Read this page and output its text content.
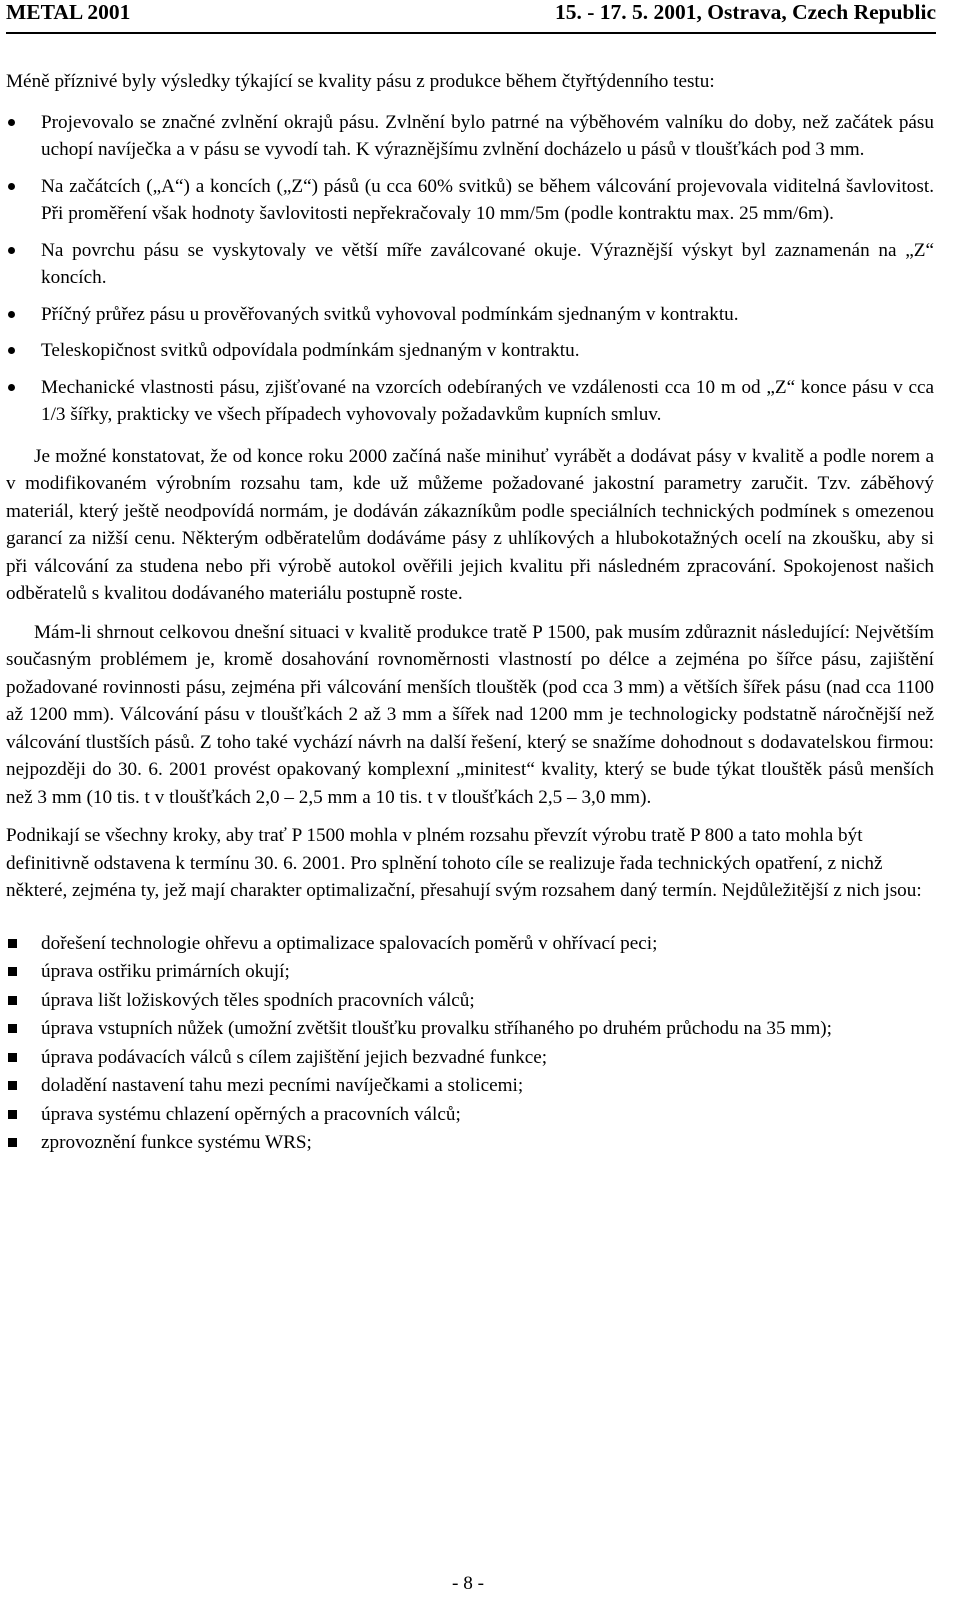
METAL 2001	15. - 17. 5. 2001, Ostrava, Czech Republic

Méně příznivé byly výsledky týkající se kvality pásu z produkce během čtyřtýdenního testu:

Projevovalo se značné zvlnění okrajů pásu. Zvlnění bylo patrné na výběhovém valníku do doby, než začátek pásu uchopí navíječka a v pásu se vyvodí tah. K výraznějšímu zvlnění docházelo u pásů v tloušťkách pod 3 mm.
Na začátcích („A“) a koncích („Z“) pásů (u cca 60% svitků) se během válcování projevovala viditelná šavlovitost. Při proměření však hodnoty šavlovitosti nepřekračovaly 10 mm/5m (podle kontraktu max. 25 mm/6m).
Na povrchu pásu se vyskytovaly ve větší míře zaválcované okuje. Výraznější výskyt byl zaznamenán na „Z“ koncích.
Příčný průřez pásu u prověřovaných svitků vyhovoval podmínkám sjednaným v kontraktu.
Teleskopičnost svitků odpovídala podmínkám sjednaným v kontraktu.
Mechanické vlastnosti pásu, zjišťované na vzorcích odebíraných ve vzdálenosti cca 10 m od „Z“ konce pásu v cca 1/3 šířky, prakticky ve všech případech vyhovovaly požadavkům kupních smluv.

Je možné konstatovat, že od konce roku 2000 začíná naše minihuť vyrábět a dodávat pásy v kvalitě a podle norem a v modifikovaném výrobním rozsahu tam, kde už můžeme požadované jakostní parametry zaručit. Tzv. záběhový materiál, který ještě neodpovídá normám, je dodáván zákazníkům podle speciálních technických podmínek s omezenou garancí za nižší cenu. Některým odběratelům dodáváme pásy z uhlíkových a hlubokotažných ocelí na zkoušku, aby si při válcování za studena nebo při výrobě autokol ověřili jejich kvalitu při následném zpracování. Spokojenost našich odběratelů s kvalitou dodávaného materiálu postupně roste.

Mám-li shrnout celkovou dnešní situaci v kvalitě produkce tratě P 1500, pak musím zdůraznit následující: Největším současným problémem je, kromě dosahování rovnoměrnosti vlastností po délce a zejména po šířce pásu, zajištění požadované rovinnosti pásu, zejména při válcování menších tlouštěk (pod cca 3 mm) a větších šířek pásu (nad cca 1100 až 1200 mm). Válcování pásu v tloušťkách 2 až 3 mm a šířek nad 1200 mm je technologicky podstatně náročnější než válcování tlustších pásů. Z toho také vychází návrh na další řešení, který se snažíme dohodnout s dodavatelskou firmou: nejpozději do 30. 6. 2001 provést opakovaný komplexní „minitest“ kvality, který se bude týkat tlouštěk pásů menších než 3 mm (10 tis. t v tloušťkách 2,0 – 2,5 mm a 10 tis. t v tloušťkách 2,5 – 3,0 mm).

Podnikají se všechny kroky, aby trať P 1500 mohla v plném rozsahu převzít výrobu tratě P 800 a tato mohla být definitivně odstavena k termínu 30. 6. 2001. Pro splnění tohoto cíle se realizuje řada technických opatření, z nichž některé, zejména ty, jež mají charakter optimalizační, přesahují svým rozsahem daný termín. Nejdůležitější z nich jsou:

dořešení technologie ohřevu a optimalizace spalovacích poměrů v ohřívací peci;
úprava ostřiku primárních okují;
úprava lišt ložiskových těles spodních pracovních válců;
úprava vstupních nůžek (umožní zvětšit tloušťku provalku stříhaného po druhém průchodu na 35 mm);
úprava podávacích válců s cílem zajištění jejich bezvadné funkce;
doladění nastavení tahu mezi pecními navíječkami a stolicemi;
úprava systému chlazení opěrných a pracovních válců;
zprovoznění funkce systému WRS;
- 8 -
